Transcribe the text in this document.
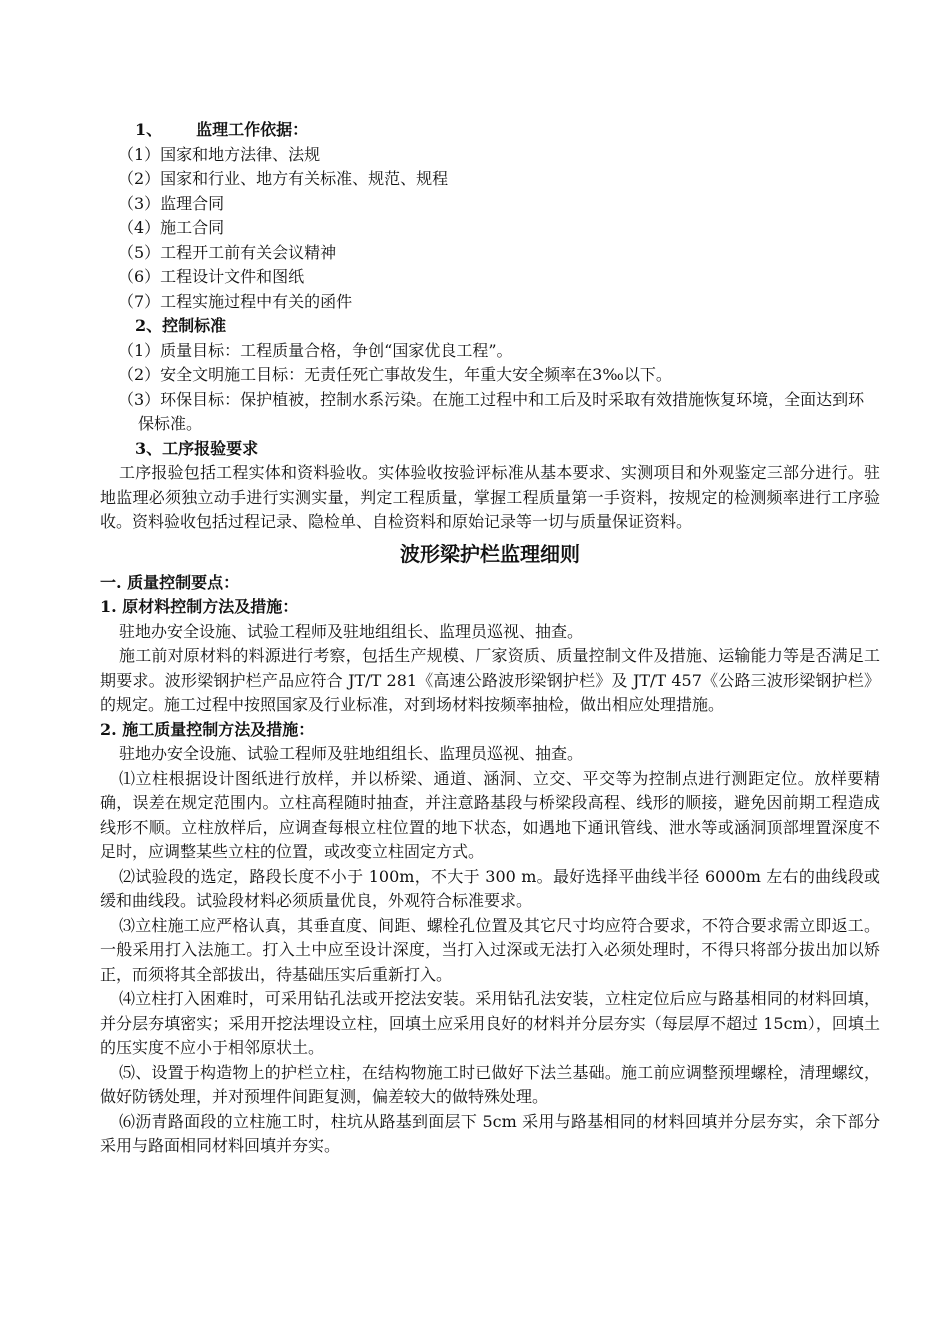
1、 监理工作依据：
（1）国家和地方法律、法规
（2）国家和行业、地方有关标准、规范、规程
（3）监理合同
（4）施工合同
（5）工程开工前有关会议精神
（6）工程设计文件和图纸
（7）工程实施过程中有关的函件
2、控制标准
（1）质量目标：工程质量合格，争创“国家优良工程”。
（2）安全文明施工目标：无责任死亡事故发生，年重大安全频率在3‰以下。

（3）环保目标：保护植被，控制水系污染。在施工过程中和工后及时采取有效措施恢复环境，全面达到环保标准。

3、工序报验要求

工序报验包括工程实体和资料验收。实体验收按验评标准从基本要求、实测项目和外观鉴定三部分进行。驻地监理必须独立动手进行实测实量，判定工程质量，掌握工程质量第一手资料，按规定的检测频率进行工序验收。资料验收包括过程记录、隐检单、自检资料和原始记录等一切与质量保证资料。

波形梁护栏监理细则
一. 质量控制要点：
1. 原材料控制方法及措施：

驻地办安全设施、试验工程师及驻地组组长、监理员巡视、抽查。

施工前对原材料的料源进行考察，包括生产规模、厂家资质、质量控制文件及措施、运输能力等是否满足工期要求。波形梁钢护栏产品应符合 JT/T 281《高速公路波形梁钢护栏》及 JT/T 457《公路三波形梁钢护栏》的规定。施工过程中按照国家及行业标准，对到场材料按频率抽检，做出相应处理措施。

2. 施工质量控制方法及措施：

驻地办安全设施、试验工程师及驻地组组长、监理员巡视、抽查。

⑴立柱根据设计图纸进行放样，并以桥梁、通道、涵洞、立交、平交等为控制点进行测距定位。放样要精确，误差在规定范围内。立柱高程随时抽查，并注意路基段与桥梁段高程、线形的顺接，避免因前期工程造成线形不顺。立柱放样后，应调查每根立柱位置的地下状态，如遇地下通讯管线、泄水等或涵洞顶部埋置深度不足时，应调整某些立柱的位置，或改变立柱固定方式。

⑵试验段的选定，路段长度不小于 100m，不大于 300 m。最好选择平曲线半径 6000m 左右的曲线段或缓和曲线段。试验段材料必须质量优良，外观符合标准要求。

⑶立柱施工应严格认真，其垂直度、间距、螺栓孔位置及其它尺寸均应符合要求，不符合要求需立即返工。一般采用打入法施工。打入土中应至设计深度，当打入过深或无法打入必须处理时，不得只将部分拔出加以矫正，而须将其全部拔出，待基础压实后重新打入。

⑷立柱打入困难时，可采用钻孔法或开挖法安装。采用钻孔法安装，立柱定位后应与路基相同的材料回填，并分层夯填密实；采用开挖法埋设立柱，回填土应采用良好的材料并分层夯实（每层厚不超过 15cm），回填土的压实度不应小于相邻原状土。

⑸、设置于构造物上的护栏立柱，在结构物施工时已做好下法兰基础。施工前应调整预埋螺栓，清理螺纹，做好防锈处理，并对预埋件间距复测，偏差较大的做特殊处理。

⑹沥青路面段的立柱施工时，柱坑从路基到面层下 5cm 采用与路基相同的材料回填并分层夯实，余下部分采用与路面相同材料回填并夯实。
